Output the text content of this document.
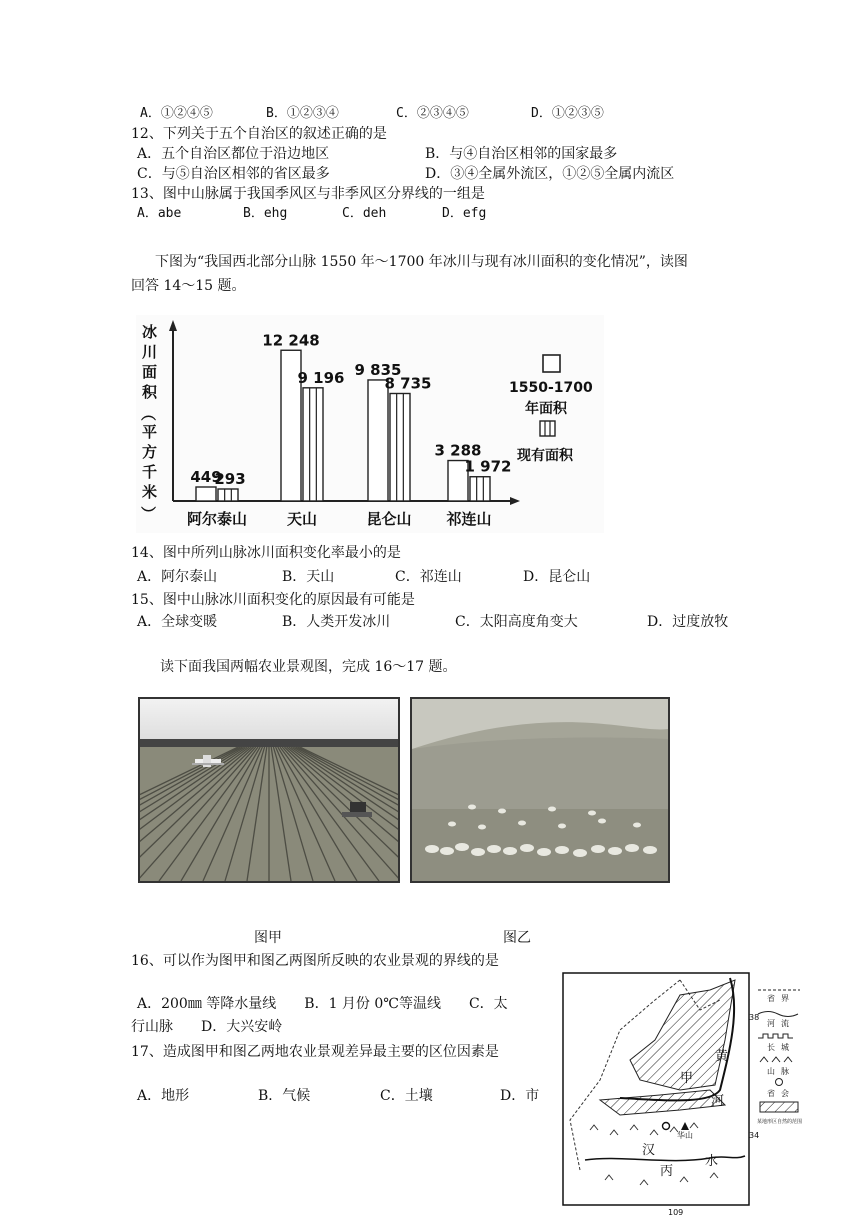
A．①②④⑤	B．①②③④	C．②③④⑤	D．①②③⑤
12、下列关于五个自治区的叙述正确的是
A．五个自治区都位于沿边地区	B．与④自治区相邻的国家最多
C．与⑤自治区相邻的省区最多	D．③④全属外流区，①②⑤全属内流区
13、图中山脉属于我国季风区与非季风区分界线的一组是
A．abe	B．ehg	C．deh	D．efg
下图为“我国西北部分山脉 1550 年～1700 年冰川与现有冰川面积的变化情况”，读图
回答 14～15 题。
冰
川
面
积
（
平
方
千
米
）
449
293
阿尔泰山
12 248
9 196
天山
9 835
8 735
昆仑山
3 288
1 972
祁连山
1550-1700
年面积
现有面积
14、图中所列山脉冰川面积变化率最小的是
A．阿尔泰山	B．天山	C．祁连山	D．昆仑山
15、图中山脉冰川面积变化的原因最有可能是
A．全球变暖	B．人类开发冰川	C．太阳高度角变大	D．过度放牧
读下面我国两幅农业景观图，完成 16～17 题。
图甲	图乙
16、可以作为图甲和图乙两图所反映的农业景观的界线的是
A．200㎜ 等降水量线　　B．1 月份 0℃等温线　　C．太
行山脉　　D．大兴安岭
17、造成图甲和图乙两地农业景观差异最主要的区位因素是
A．地形	B．气候	C．土壤	D．市
黄
河
甲
汉
丙
水
华山
38
34
109
省界
河流
长城
山脉
省会
某地形区自然的范围
